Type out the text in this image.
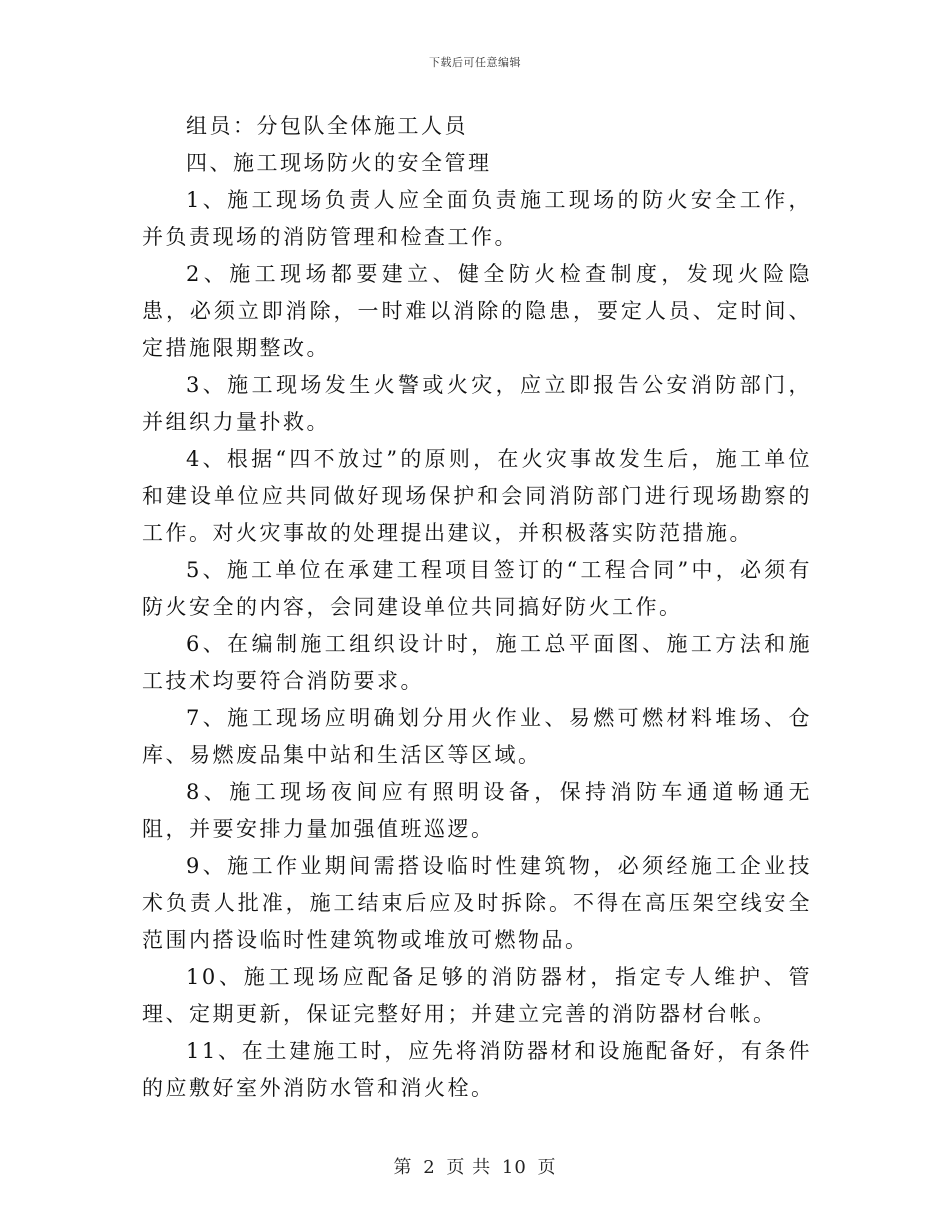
下载后可任意编辑

组员：分包队全体施工人员

四、施工现场防火的安全管理

1、施工现场负责人应全面负责施工现场的防火安全工作，并负责现场的消防管理和检查工作。

2、施工现场都要建立、健全防火检查制度，发现火险隐患，必须立即消除，一时难以消除的隐患，要定人员、定时间、定措施限期整改。

3、施工现场发生火警或火灾，应立即报告公安消防部门，并组织力量扑救。

4、根据“四不放过”的原则，在火灾事故发生后，施工单位和建设单位应共同做好现场保护和会同消防部门进行现场勘察的工作。对火灾事故的处理提出建议，并积极落实防范措施。

5、施工单位在承建工程项目签订的“工程合同”中，必须有防火安全的内容，会同建设单位共同搞好防火工作。

6、在编制施工组织设计时，施工总平面图、施工方法和施工技术均要符合消防要求。

7、施工现场应明确划分用火作业、易燃可燃材料堆场、仓库、易燃废品集中站和生活区等区域。

8、施工现场夜间应有照明设备，保持消防车通道畅通无阻，并要安排力量加强值班巡逻。

9、施工作业期间需搭设临时性建筑物，必须经施工企业技术负责人批准，施工结束后应及时拆除。不得在高压架空线安全范围内搭设临时性建筑物或堆放可燃物品。

10、施工现场应配备足够的消防器材，指定专人维护、管理、定期更新，保证完整好用；并建立完善的消防器材台帐。

11、在土建施工时，应先将消防器材和设施配备好，有条件的应敷好室外消防水管和消火栓。

第 2 页 共 10 页
